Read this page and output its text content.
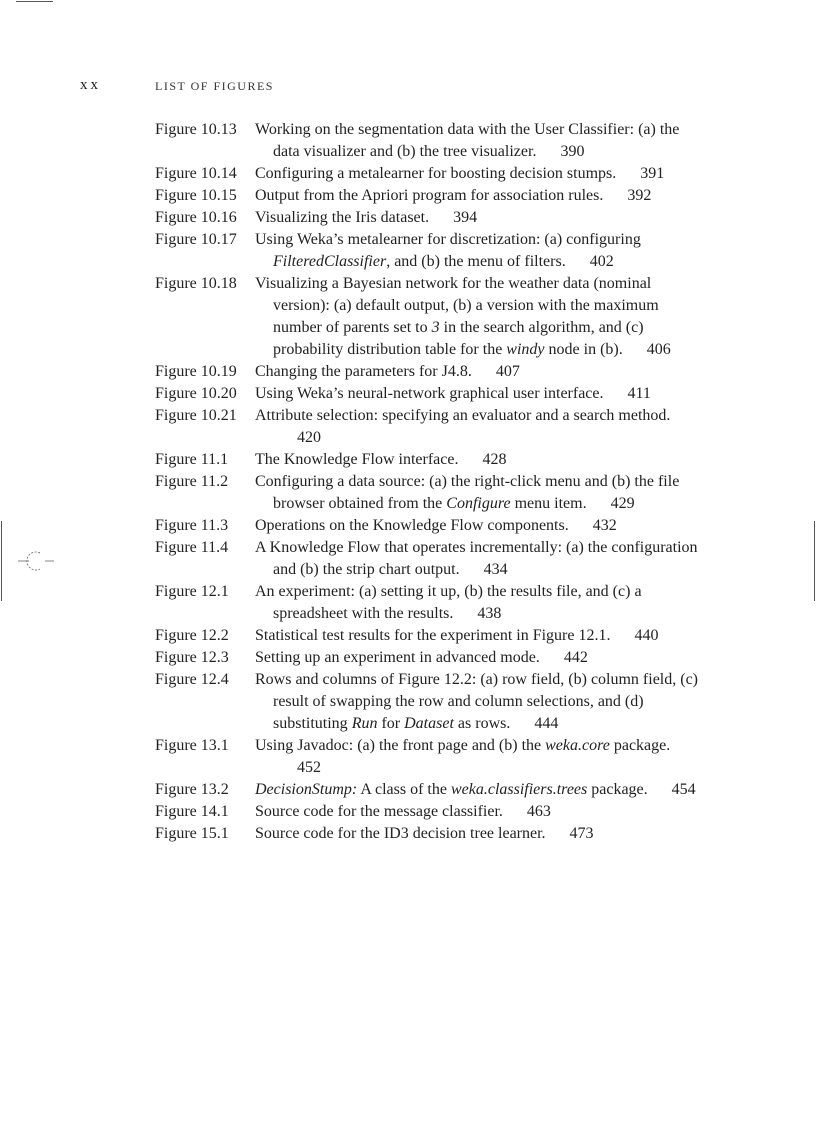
xx	LIST OF FIGURES
Figure 10.13	Working on the segmentation data with the User Classifier: (a) the data visualizer and (b) the tree visualizer. 390
Figure 10.14	Configuring a metalearner for boosting decision stumps. 391
Figure 10.15	Output from the Apriori program for association rules. 392
Figure 10.16	Visualizing the Iris dataset. 394
Figure 10.17	Using Weka’s metalearner for discretization: (a) configuring FilteredClassifier, and (b) the menu of filters. 402
Figure 10.18	Visualizing a Bayesian network for the weather data (nominal version): (a) default output, (b) a version with the maximum number of parents set to 3 in the search algorithm, and (c) probability distribution table for the windy node in (b). 406
Figure 10.19	Changing the parameters for J4.8. 407
Figure 10.20	Using Weka’s neural-network graphical user interface. 411
Figure 10.21	Attribute selection: specifying an evaluator and a search method.420
Figure 11.1	The Knowledge Flow interface. 428
Figure 11.2	Configuring a data source: (a) the right-click menu and (b) the file browser obtained from the Configure menu item. 429
Figure 11.3	Operations on the Knowledge Flow components. 432
Figure 11.4	A Knowledge Flow that operates incrementally: (a) the configuration and (b) the strip chart output. 434
Figure 12.1	An experiment: (a) setting it up, (b) the results file, and (c) a spreadsheet with the results. 438
Figure 12.2	Statistical test results for the experiment in Figure 12.1. 440
Figure 12.3	Setting up an experiment in advanced mode. 442
Figure 12.4	Rows and columns of Figure 12.2: (a) row field, (b) column field, (c) result of swapping the row and column selections, and (d) substituting Run for Dataset as rows. 444
Figure 13.1	Using Javadoc: (a) the front page and (b) the weka.core package.452
Figure 13.2	DecisionStump: A class of the weka.classifiers.trees package. 454
Figure 14.1	Source code for the message classifier. 463
Figure 15.1	Source code for the ID3 decision tree learner. 473
